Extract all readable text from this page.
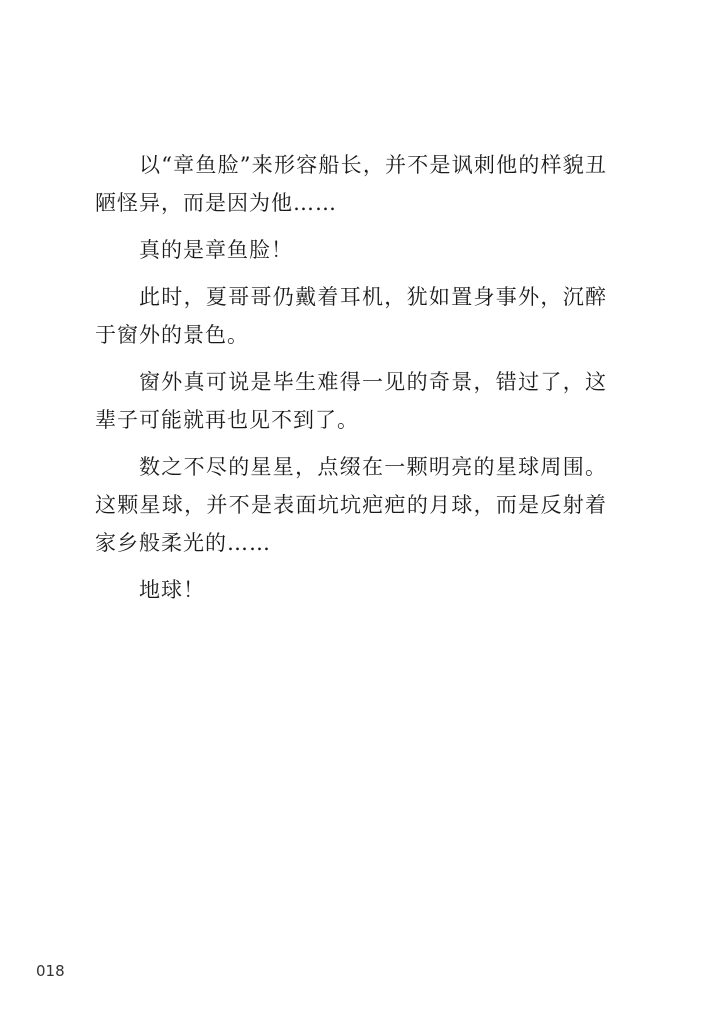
以“章鱼脸”来形容船长，并不是讽刺他的样貌丑陋怪异，而是因为他……

真的是章鱼脸！

此时，夏哥哥仍戴着耳机，犹如置身事外，沉醉于窗外的景色。

窗外真可说是毕生难得一见的奇景，错过了，这辈子可能就再也见不到了。

数之不尽的星星，点缀在一颗明亮的星球周围。这颗星球，并不是表面坑坑疤疤的月球，而是反射着家乡般柔光的……

地球！

018
